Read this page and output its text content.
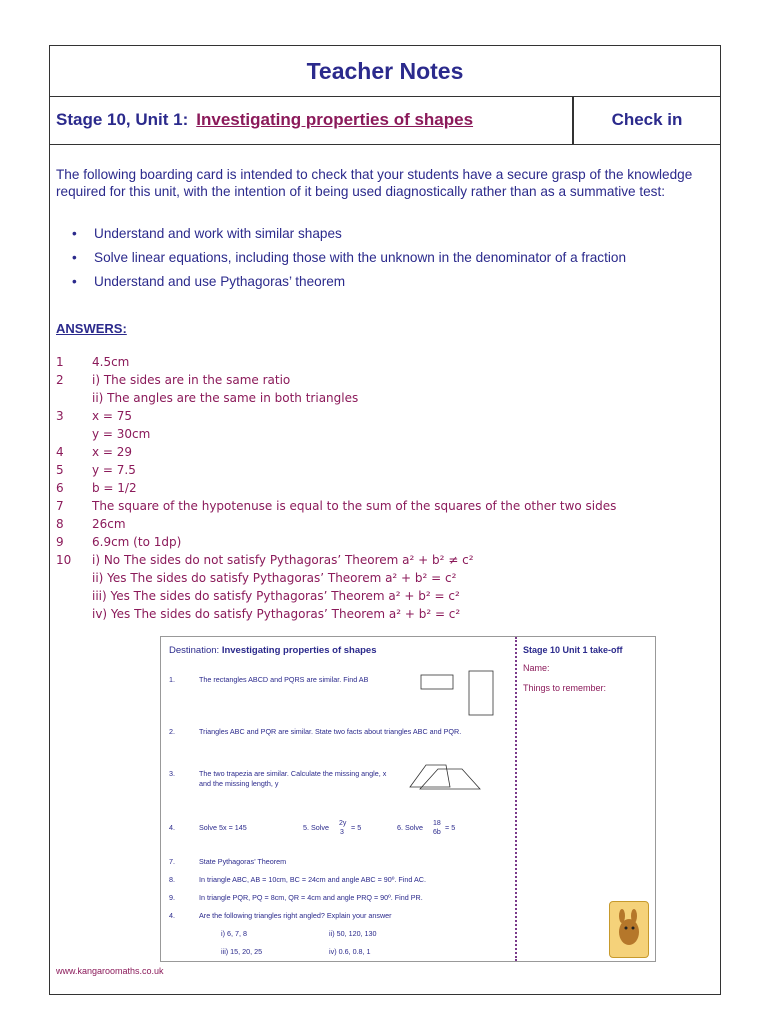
Teacher Notes
Stage 10, Unit 1: Investigating properties of shapes	Check in
The following boarding card is intended to check that your students have a secure grasp of the knowledge required for this unit, with the intention of it being used diagnostically rather than as a summative test:
• Understand and work with similar shapes
• Solve linear equations, including those with the unknown in the denominator of a fraction
• Understand and use Pythagoras’ theorem
ANSWERS:
1	4.5cm
2	i) The sides are in the same ratio
ii) The angles are the same in both triangles
3	x = 75
y = 30cm
4	x = 29
5	y = 7.5
6	b = 1/2
7	The square of the hypotenuse is equal to the sum of the squares of the other two sides
8	26cm
9	6.9cm (to 1dp)
10	i) No The sides do not satisfy Pythagoras’ Theorem a² + b² ≠ c²
ii) Yes The sides do satisfy Pythagoras’ Theorem a² + b² = c²
iii) Yes The sides do satisfy Pythagoras’ Theorem a² + b² = c²
iv) Yes The sides do satisfy Pythagoras’ Theorem a² + b² = c²
Destination: Investigating properties of shapes
1.	The rectangles ABCD and PQRS are similar. Find AB
2.	Triangles ABC and PQR are similar. State two facts about triangles ABC and PQR.
3.	The two trapezia are similar. Calculate the missing angle, x and the missing length, y
4.	Solve 5x = 145	5. Solve 2y
3
= 5	6. Solve 18
6b
= 5
7.	State Pythagoras’ Theorem
8.	In triangle ABC, AB = 10cm, BC = 24cm and angle ABC = 90º. Find AC.
9.	In triangle PQR, PQ = 8cm, QR = 4cm and angle PRQ = 90º. Find PR.
4.	Are the following triangles right angled? Explain your answer
i) 6, 7, 8	ii) 50, 120, 130
iii) 15, 20, 25	iv) 0.6, 0.8, 1
Stage 10 Unit 1 take-off
Name:
Things to remember:
www.kangaroomaths.co.uk
